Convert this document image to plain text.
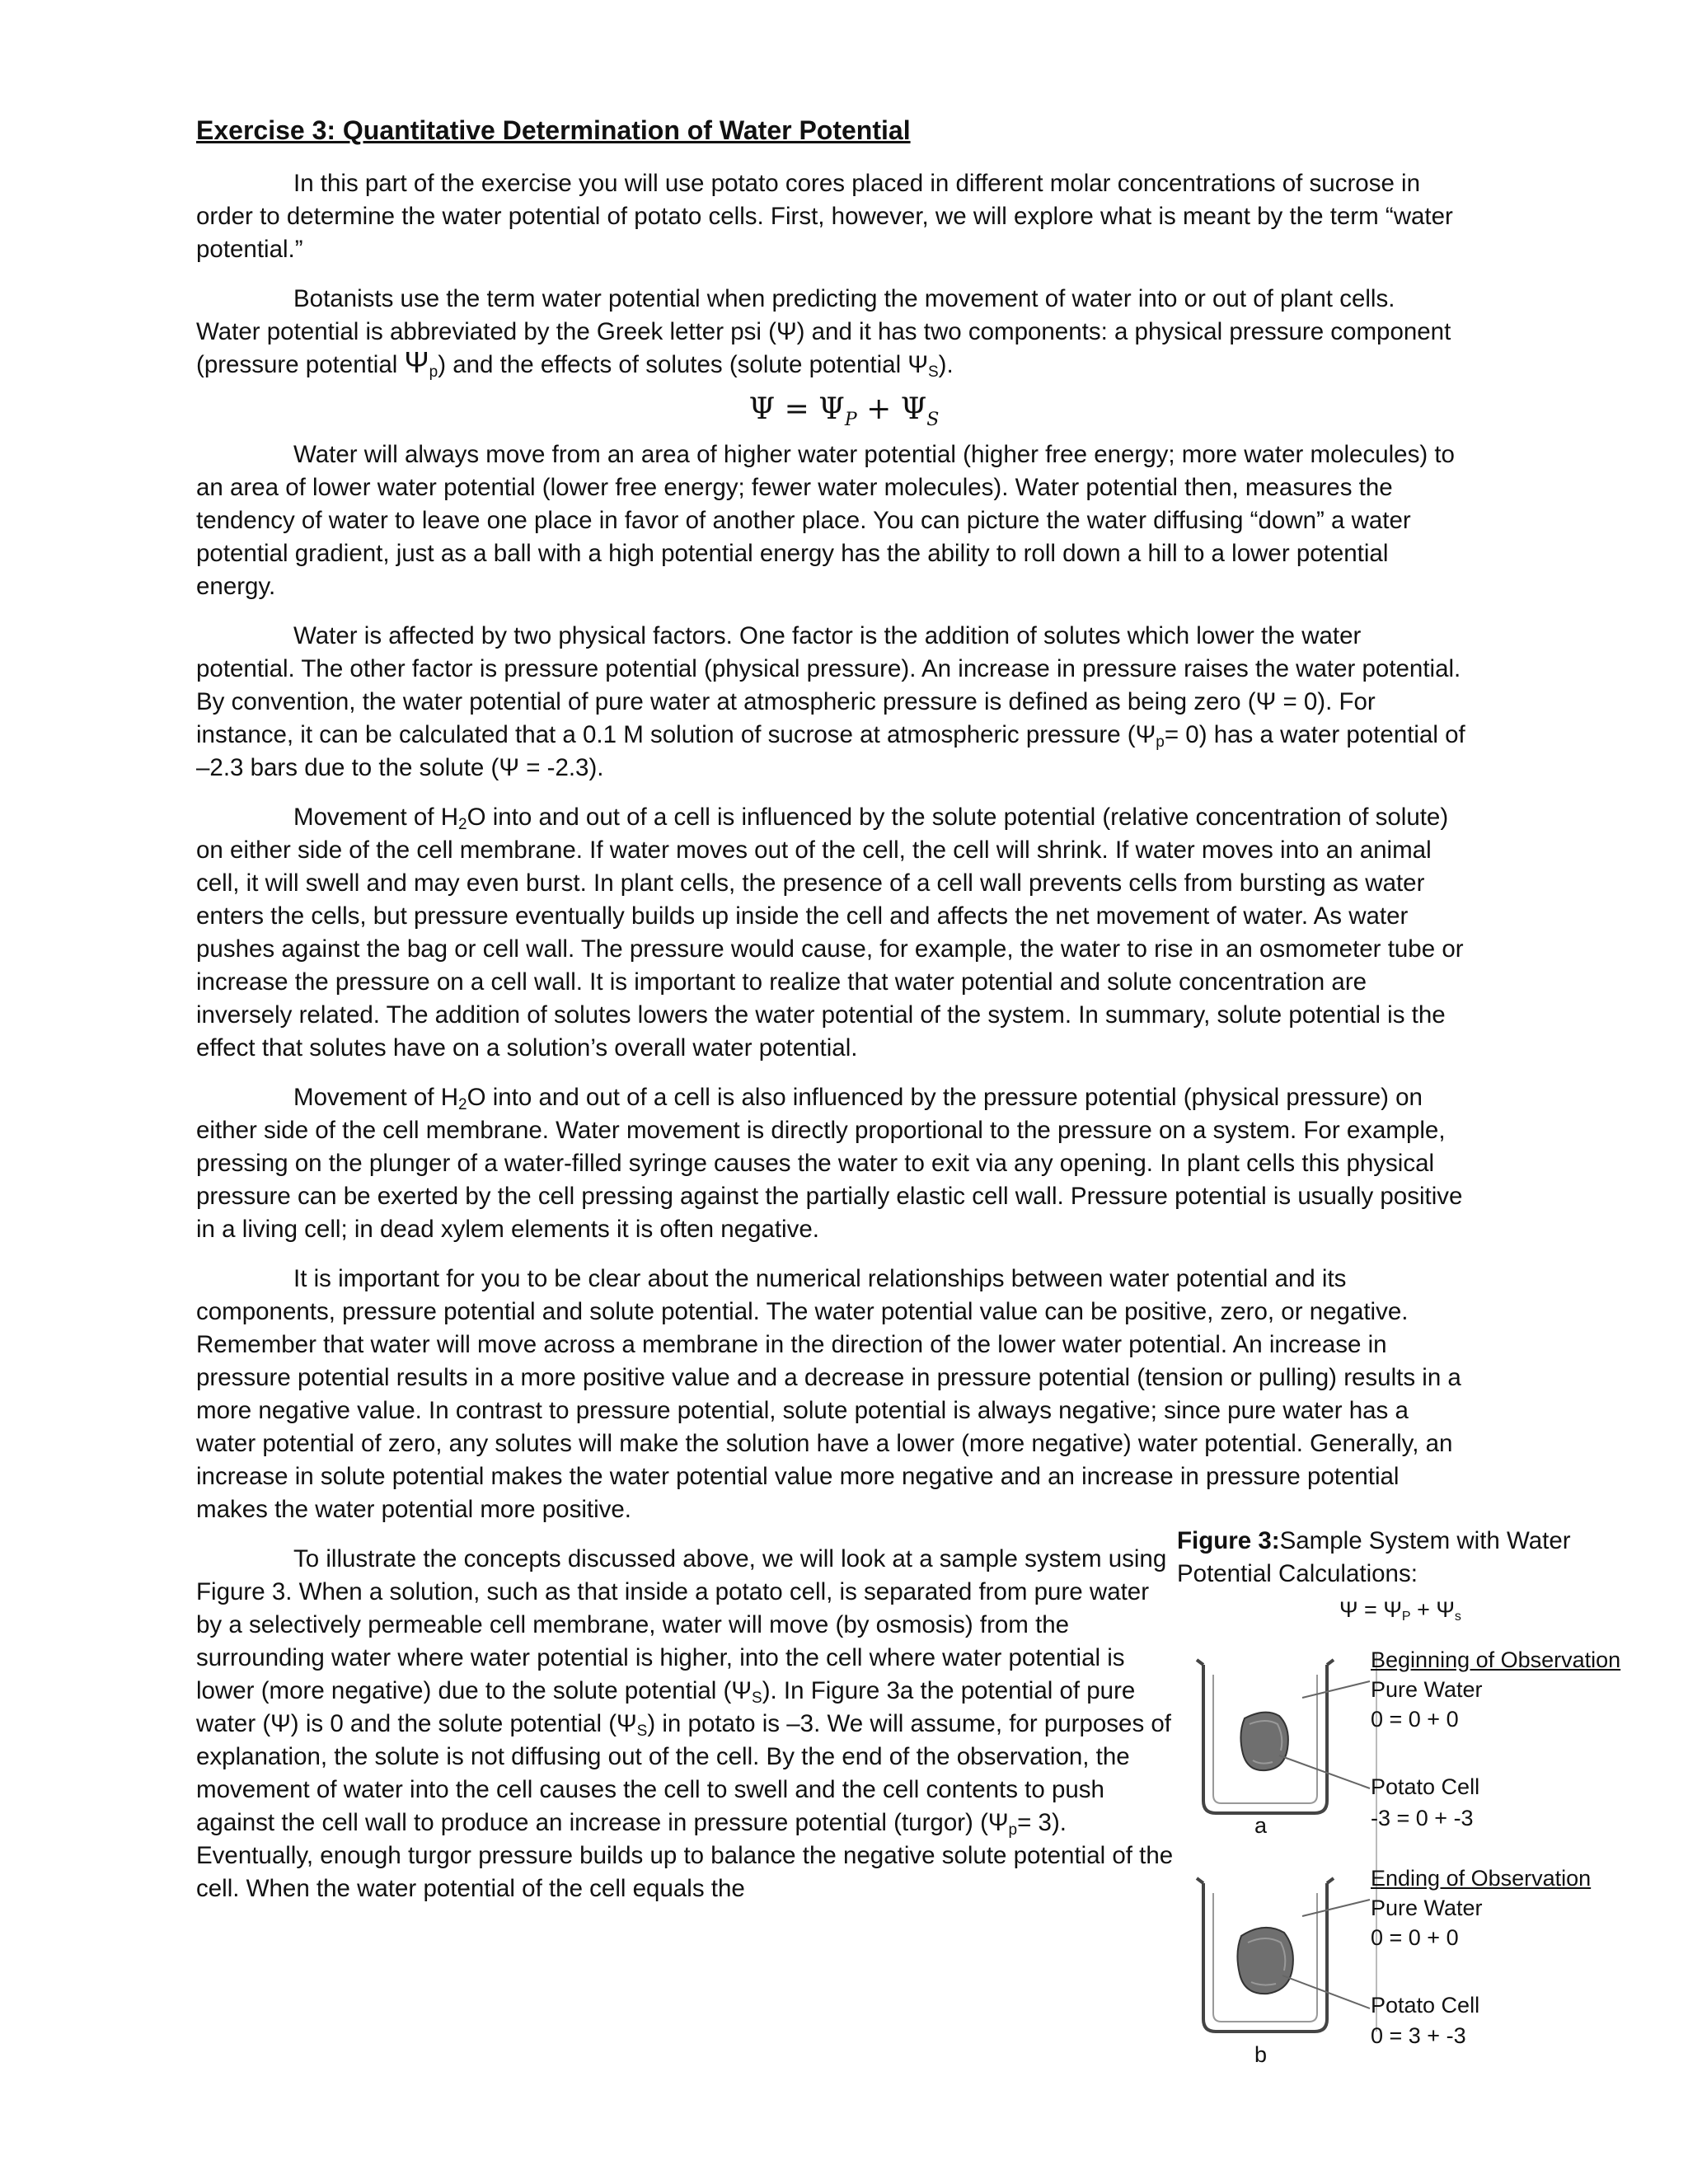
Exercise 3: Quantitative Determination of Water Potential

In this part of the exercise you will use potato cores placed in different molar concentrations of sucrose in order to determine the water potential of potato cells. First, however, we will explore what is meant by the term “water potential.”

Botanists use the term water potential when predicting the movement of water into or out of plant cells. Water potential is abbreviated by the Greek letter psi (Ψ) and it has two components: a physical pressure component (pressure potential $\Psi_p$) and the effects of solutes (solute potential $\Psi_S$).

$\Psi = \Psi_P + \Psi_S$

Water will always move from an area of higher water potential (higher free energy; more water molecules) to an area of lower water potential (lower free energy; fewer water molecules). Water potential then, measures the tendency of water to leave one place in favor of another place. You can picture the water diffusing “down” a water potential gradient, just as a ball with a high potential energy has the ability to roll down a hill to a lower potential energy.

Water is affected by two physical factors. One factor is the addition of solutes which lower the water potential. The other factor is pressure potential (physical pressure). An increase in pressure raises the water potential. By convention, the water potential of pure water at atmospheric pressure is defined as being zero (Ψ = 0). For instance, it can be calculated that a 0.1 M solution of sucrose at atmospheric pressure $(\Psi_p= 0)$ has a water potential of –2.3 bars due to the solute (Ψ = -2.3).

Movement of $H_2O$ into and out of a cell is influenced by the solute potential (relative concentration of solute) on either side of the cell membrane. If water moves out of the cell, the cell will shrink. If water moves into an animal cell, it will swell and may even burst. In plant cells, the presence of a cell wall prevents cells from bursting as water enters the cells, but pressure eventually builds up inside the cell and affects the net movement of water. As water pushes against the bag or cell wall. The pressure would cause, for example, the water to rise in an osmometer tube or increase the pressure on a cell wall. It is important to realize that water potential and solute concentration are inversely related. The addition of solutes lowers the water potential of the system. In summary, solute potential is the effect that solutes have on a solution’s overall water potential.

Movement of $H_2O$ into and out of a cell is also influenced by the pressure potential (physical pressure) on either side of the cell membrane. Water movement is directly proportional to the pressure on a system. For example, pressing on the plunger of a water-filled syringe causes the water to exit via any opening. In plant cells this physical pressure can be exerted by the cell pressing against the partially elastic cell wall. Pressure potential is usually positive in a living cell; in dead xylem elements it is often negative.

It is important for you to be clear about the numerical relationships between water potential and its components, pressure potential and solute potential. The water potential value can be positive, zero, or negative. Remember that water will move across a membrane in the direction of the lower water potential. An increase in pressure potential results in a more positive value and a decrease in pressure potential (tension or pulling) results in a more negative value. In contrast to pressure potential, solute potential is always negative; since pure water has a water potential of zero, any solutes will make the solution have a lower (more negative) water potential. Generally, an increase in solute potential makes the water potential value more negative and an increase in pressure potential makes the water potential more positive.

To illustrate the concepts discussed above, we will look at a sample system using Figure 3. When a solution, such as that inside a potato cell, is separated from pure water by a selectively permeable cell membrane, water will move (by osmosis) from the surrounding water where water potential is higher, into the cell where water potential is lower (more negative) due to the solute potential $(\Psi_S)$. In Figure 3a the potential of pure water (Ψ) is 0 and the solute potential $(\Psi_S)$ in potato is –3. We will assume, for purposes of explanation, the solute is not diffusing out of the cell. By the end of the observation, the movement of water into the cell causes the cell to swell and the cell contents to push against the cell wall to produce an increase in pressure potential (turgor) $(\Psi_p= 3)$. Eventually, enough turgor pressure builds up to balance the negative solute potential of the cell. When the water potential of the cell equals the

Figure 3:Sample System with Water Potential Calculations:

$\Psi = \Psi_P + \Psi_s$

Beginning of Observation

Pure Water

0 = 0 + 0

Potato Cell

-3 = 0 + -3

a

Ending of Observation

Pure Water

0 = 0 + 0

Potato Cell

0 = 3 + -3

b
